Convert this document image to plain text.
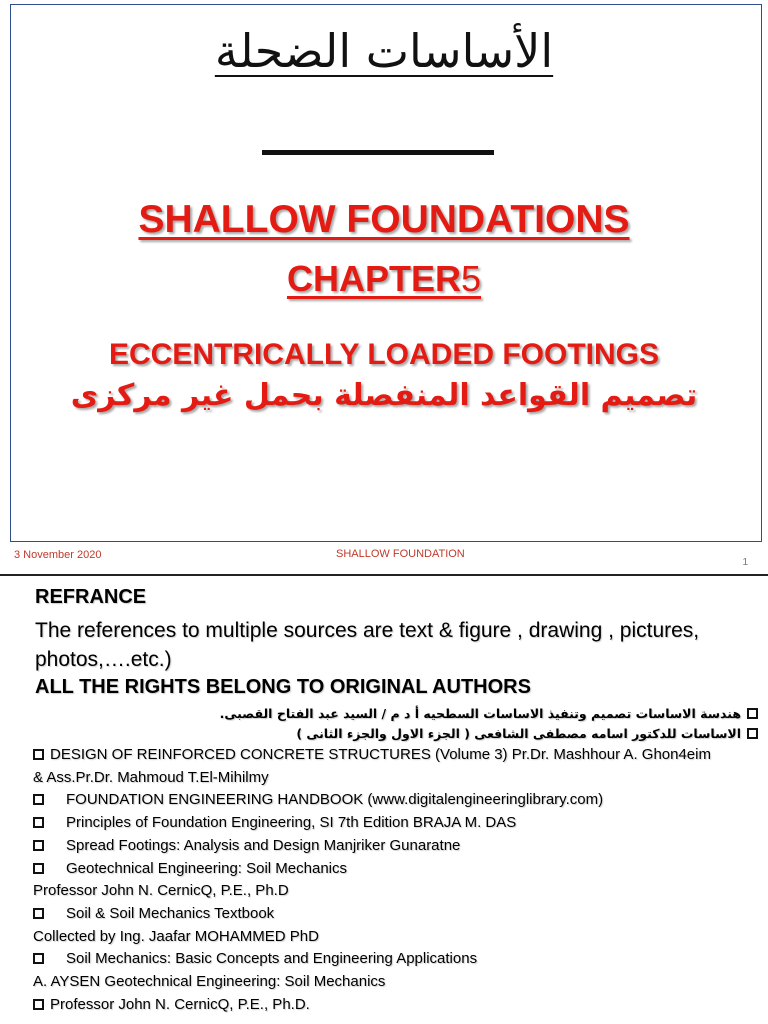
الأساسات الضحلة
SHALLOW FOUNDATIONS
CHAPTER5
ECCENTRICALLY LOADED FOOTINGS
تصميم القواعد المنفصلة بحمل غير مركزى
3 November 2020	SHALLOW FOUNDATION
1
REFRANCE
The references to multiple sources are text & figure , drawing , pictures, photos,….etc.)
ALL THE RIGHTS BELONG TO ORIGINAL AUTHORS
هندسة الاساسات تصميم وتنفيذ الاساسات السطحيه أ د م / السيد عبد الفتاح القصبى.
الاساسات للدكتور اسامه مصطفى الشافعى ( الجزء الاول والجزء الثانى )
DESIGN OF REINFORCED CONCRETE STRUCTURES (Volume 3) Pr.Dr. Mashhour A. Ghon4eim & Ass.Pr.Dr. Mahmoud T.El-Mihilmy
FOUNDATION ENGINEERING HANDBOOK (www.digitalengineeringlibrary.com)
Principles of Foundation Engineering, SI 7th Edition BRAJA M. DAS
Spread Footings: Analysis and Design Manjriker Gunaratne
Geotechnical Engineering: Soil Mechanics
Professor John N. CernicQ, P.E., Ph.D
Soil & Soil Mechanics Textbook
Collected by Ing. Jaafar MOHAMMED PhD
Soil Mechanics: Basic Concepts and Engineering Applications
A. AYSEN Geotechnical Engineering: Soil Mechanics
Professor John N. CernicQ, P.E., Ph.D.
